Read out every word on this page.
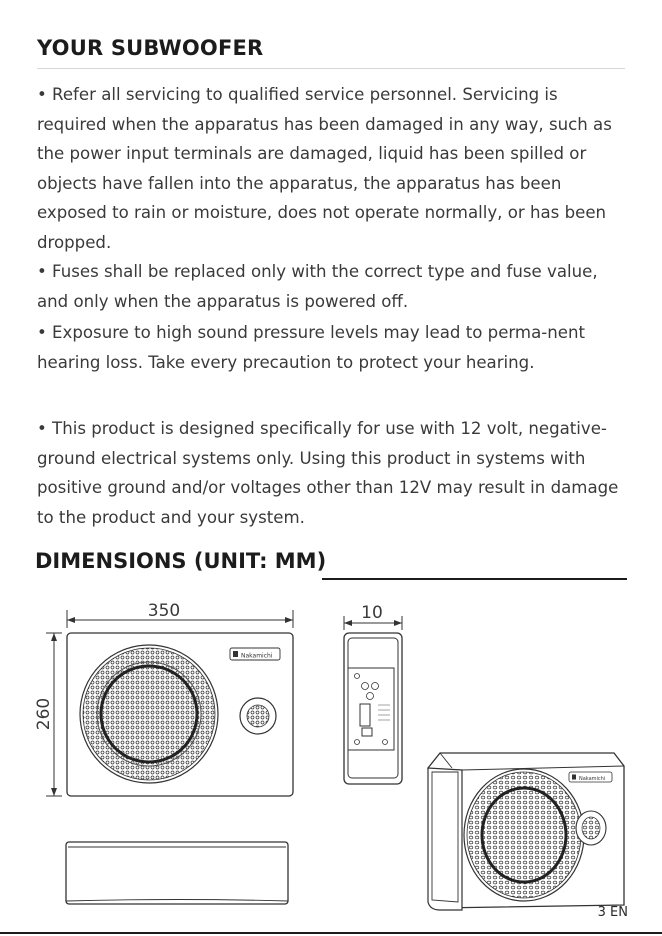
YOUR SUBWOOFER

• Refer all servicing to qualified service personnel. Servicing is required when the apparatus has been damaged in any way, such as the power input terminals are damaged, liquid has been spilled or objects have fallen into the apparatus, the apparatus has been exposed to rain or moisture, does not operate normally, or has been dropped.

• Fuses shall be replaced only with the correct type and fuse value, and only when the apparatus is powered off.

• Exposure to high sound pressure levels may lead to perma-nent hearing loss. Take every precaution to protect your hearing.

• This product is designed specifically for use with 12 volt, negative- ground electrical systems only. Using this product in systems with positive ground and/or voltages other than 12V may result in damage to the product and your system.

DIMENSIONS (UNIT: MM)
350
260
Nakamichi
10
Nakamichi
3 EN
